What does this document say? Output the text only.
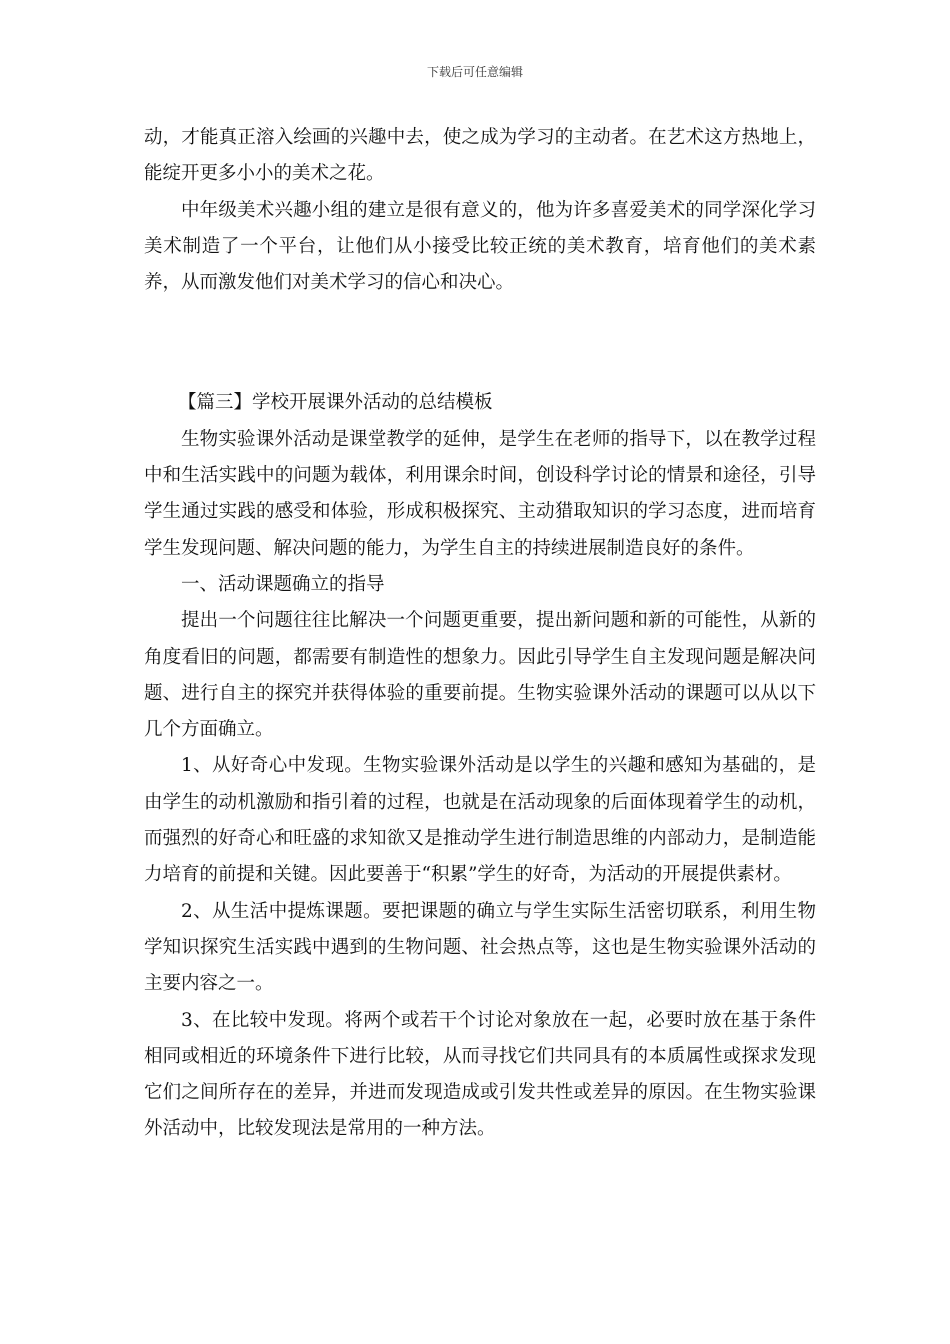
下载后可任意编辑

动，才能真正溶入绘画的兴趣中去，使之成为学习的主动者。在艺术这方热地上，能绽开更多小小的美术之花。

中年级美术兴趣小组的建立是很有意义的，他为许多喜爱美术的同学深化学习美术制造了一个平台，让他们从小接受比较正统的美术教育，培育他们的美术素养，从而激发他们对美术学习的信心和决心。

【篇三】学校开展课外活动的总结模板

生物实验课外活动是课堂教学的延伸，是学生在老师的指导下，以在教学过程中和生活实践中的问题为载体，利用课余时间，创设科学讨论的情景和途径，引导学生通过实践的感受和体验，形成积极探究、主动猎取知识的学习态度，进而培育学生发现问题、解决问题的能力，为学生自主的持续进展制造良好的条件。

一、活动课题确立的指导

提出一个问题往往比解决一个问题更重要，提出新问题和新的可能性，从新的角度看旧的问题，都需要有制造性的想象力。因此引导学生自主发现问题是解决问题、进行自主的探究并获得体验的重要前提。生物实验课外活动的课题可以从以下几个方面确立。

1、从好奇心中发现。生物实验课外活动是以学生的兴趣和感知为基础的，是由学生的动机激励和指引着的过程，也就是在活动现象的后面体现着学生的动机，而强烈的好奇心和旺盛的求知欲又是推动学生进行制造思维的内部动力，是制造能力培育的前提和关键。因此要善于“积累”学生的好奇，为活动的开展提供素材。

2、从生活中提炼课题。要把课题的确立与学生实际生活密切联系，利用生物学知识探究生活实践中遇到的生物问题、社会热点等，这也是生物实验课外活动的主要内容之一。

3、在比较中发现。将两个或若干个讨论对象放在一起，必要时放在基于条件相同或相近的环境条件下进行比较，从而寻找它们共同具有的本质属性或探求发现它们之间所存在的差异，并进而发现造成或引发共性或差异的原因。在生物实验课外活动中，比较发现法是常用的一种方法。
